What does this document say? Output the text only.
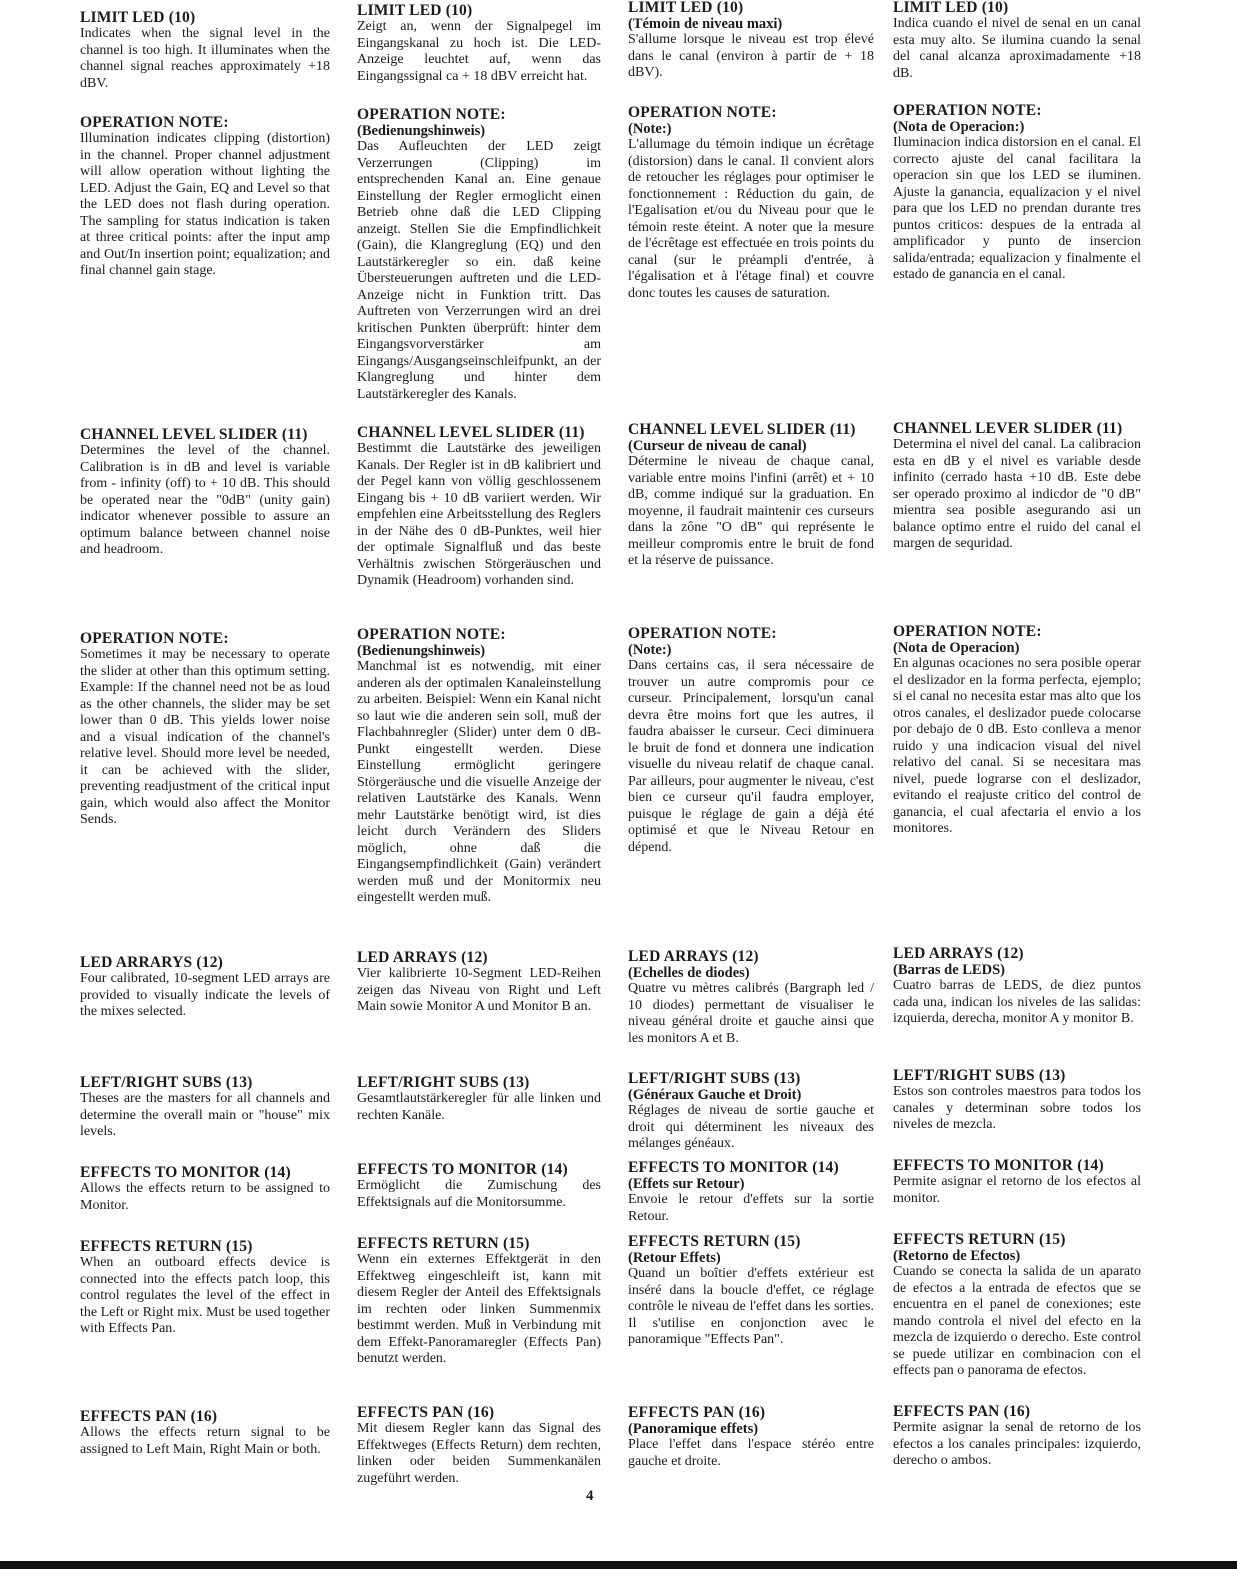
LIMIT LED (10)

Indicates when the signal level in the channel is too high. It illuminates when the channel signal reaches approximately +18 dBV.

LIMIT LED (10)

Zeigt an, wenn der Signalpegel im Eingangskanal zu hoch ist. Die LED-Anzeige leuchtet auf, wenn das Eingangssignal ca + 18 dBV erreicht hat.

LIMIT LED (10)

(Témoin de niveau maxi)

S'allume lorsque le niveau est trop élevé dans le canal (environ à partir de + 18 dBV).

LIMIT LED (10)

Indica cuando el nivel de senal en un canal esta muy alto. Se ilumina cuando la senal del canal alcanza aproximadamente +18 dB.

OPERATION NOTE:

Illumination indicates clipping (distortion) in the channel. Proper channel adjustment will allow operation without lighting the LED. Adjust the Gain, EQ and Level so that the LED does not flash during operation. The sampling for status indication is taken at three critical points: after the input amp and Out/In insertion point; equalization; and final channel gain stage.

OPERATION NOTE:

(Bedienungshinweis)

Das Aufleuchten der LED zeigt Verzerrungen (Clipping) im entsprechenden Kanal an. Eine genaue Einstellung der Regler ermoglicht einen Betrieb ohne daß die LED Clipping anzeigt. Stellen Sie die Empfindlichkeit (Gain), die Klangreglung (EQ) und den Lautstärkeregler so ein. daß keine Übersteuerungen auftreten und die LED-Anzeige nicht in Funktion tritt. Das Auftreten von Verzerrungen wird an drei kritischen Punkten überprüft: hinter dem Eingangsvorverstärker am Eingangs/Ausgangseinschleifpunkt, an der Klangreglung und hinter dem Lautstärkeregler des Kanals.

OPERATION NOTE:

(Note:)

L'allumage du témoin indique un écrêtage (distorsion) dans le canal. Il convient alors de retoucher les réglages pour optimiser le fonctionnement : Réduction du gain, de l'Egalisation et/ou du Niveau pour que le témoin reste éteint. A noter que la mesure de l'écrêtage est effectuée en trois points du canal (sur le préampli d'entrée, à l'égalisation et à l'étage final) et couvre donc toutes les causes de saturation.

OPERATION NOTE:

(Nota de Operacion:)

Iluminacion indica distorsion en el canal. El correcto ajuste del canal facilitara la operacion sin que los LED se iluminen. Ajuste la ganancia, equalizacion y el nivel para que los LED no prendan durante tres puntos criticos: despues de la entrada al amplificador y punto de insercion salida/entrada; equalizacion y finalmente el estado de ganancia en el canal.

CHANNEL LEVEL SLIDER (11)

Determines the level of the channel. Calibration is in dB and level is variable from - infinity (off) to + 10 dB. This should be operated near the "0dB" (unity gain) indicator whenever possible to assure an optimum balance between channel noise and headroom.

CHANNEL LEVEL SLIDER (11)

Bestimmt die Lautstärke des jeweiligen Kanals. Der Regler ist in dB kalibriert und der Pegel kann von völlig geschlossenem Eingang bis + 10 dB variiert werden. Wir empfehlen eine Arbeitsstellung des Reglers in der Nähe des 0 dB-Punktes, weil hier der optimale Signalfluß und das beste Verhältnis zwischen Störgeräuschen und Dynamik (Headroom) vorhanden sind.

CHANNEL LEVEL SLIDER (11)

(Curseur de niveau de canal)

Détermine le niveau de chaque canal, variable entre moins l'infini (arrêt) et + 10 dB, comme indiqué sur la graduation. En moyenne, il faudrait maintenir ces curseurs dans la zône "O dB" qui représente le meilleur compromis entre le bruit de fond et la réserve de puissance.

CHANNEL LEVER SLIDER (11)

Determina el nivel del canal. La calibracion esta en dB y el nivel es variable desde infinito (cerrado hasta +10 dB. Este debe ser operado proximo al indicdor de "0 dB" mientra sea posible asegurando asi un balance optimo entre el ruido del canal el margen de sequridad.

OPERATION NOTE:

Sometimes it may be necessary to operate the slider at other than this optimum setting. Example: If the channel need not be as loud as the other channels, the slider may be set lower than 0 dB. This yields lower noise and a visual indication of the channel's relative level. Should more level be needed, it can be achieved with the slider, preventing readjustment of the critical input gain, which would also affect the Monitor Sends.

OPERATION NOTE:

(Bedienungshinweis)

Manchmal ist es notwendig, mit einer anderen als der optimalen Kanaleinstellung zu arbeiten. Beispiel: Wenn ein Kanal nicht so laut wie die anderen sein soll, muß der Flachbahnregler (Slider) unter dem 0 dB-Punkt eingestellt werden. Diese Einstellung ermöglicht geringere Störgeräusche und die visuelle Anzeige der relativen Lautstärke des Kanals. Wenn mehr Lautstärke benötigt wird, ist dies leicht durch Verändern des Sliders möglich, ohne daß die Eingangsempfindlichkeit (Gain) verändert werden muß und der Monitormix neu eingestellt werden muß.

OPERATION NOTE:

(Note:)

Dans certains cas, il sera nécessaire de trouver un autre compromis pour ce curseur. Principalement, lorsqu'un canal devra être moins fort que les autres, il faudra abaisser le curseur. Ceci diminuera le bruit de fond et donnera une indication visuelle du niveau relatif de chaque canal. Par ailleurs, pour augmenter le niveau, c'est bien ce curseur qu'il faudra employer, puisque le réglage de gain a déjà été optimisé et que le Niveau Retour en dépend.

OPERATION NOTE:

(Nota de Operacion)

En algunas ocaciones no sera posible operar el deslizador en la forma perfecta, ejemplo; si el canal no necesita estar mas alto que los otros canales, el deslizador puede colocarse por debajo de 0 dB. Esto conlleva a menor ruido y una indicacion visual del nivel relativo del canal. Si se necesitara mas nivel, puede lograrse con el deslizador, evitando el reajuste critico del control de ganancia, el cual afectaria el envio a los monitores.

LED ARRARYS (12)

Four calibrated, 10-segment LED arrays are provided to visually indicate the levels of the mixes selected.

LED ARRAYS (12)

Vier kalibrierte 10-Segment LED-Reihen zeigen das Niveau von Right und Left Main sowie Monitor A und Monitor B an.

LED ARRAYS (12)

(Echelles de diodes)

Quatre vu mètres calibrés (Bargraph led / 10 diodes) permettant de visualiser le niveau général droite et gauche ainsi que les monitors A et B.

LED ARRAYS (12)

(Barras de LEDS)

Cuatro barras de LEDS, de diez puntos cada una, indican los niveles de las salidas: izquierda, derecha, monitor A y monitor B.

LEFT/RIGHT SUBS (13)

Theses are the masters for all channels and determine the overall main or "house" mix levels.

LEFT/RIGHT SUBS (13)

Gesamtlautstärkeregler für alle linken und rechten Kanäle.

LEFT/RIGHT SUBS (13)

(Généraux Gauche et Droit)

Réglages de niveau de sortie gauche et droit qui déterminent les niveaux des mélanges généaux.

LEFT/RIGHT SUBS (13)

Estos son controles maestros para todos los canales y determinan sobre todos los niveles de mezcla.

EFFECTS TO MONITOR (14)

Allows the effects return to be assigned to Monitor.

EFFECTS TO MONITOR (14)

Ermöglicht die Zumischung des Effektsignals auf die Monitorsumme.

EFFECTS TO MONITOR (14)

(Effets sur Retour)

Envoie le retour d'effets sur la sortie Retour.

EFFECTS TO MONITOR (14)

Permite asignar el retorno de los efectos al monitor.

EFFECTS RETURN (15)

When an outboard effects device is connected into the effects patch loop, this control regulates the level of the effect in the Left or Right mix. Must be used together with Effects Pan.

EFFECTS RETURN (15)

Wenn ein externes Effektgerät in den Effektweg eingeschleift ist, kann mit diesem Regler der Anteil des Effektsignals im rechten oder linken Summenmix bestimmt werden. Muß in Verbindung mit dem Effekt-Panoramaregler (Effects Pan) benutzt werden.

EFFECTS RETURN (15)

(Retour Effets)

Quand un boîtier d'effets extérieur est inséré dans la boucle d'effet, ce réglage contrôle le niveau de l'effet dans les sorties. Il s'utilise en conjonction avec le panoramique "Effects Pan".

EFFECTS RETURN (15)

(Retorno de Efectos)

Cuando se conecta la salida de un aparato de efectos a la entrada de efectos que se encuentra en el panel de conexiones; este mando controla el nivel del efecto en la mezcla de izquierdo o derecho. Este control se puede utilizar en combinacion con el effects pan o panorama de efectos.

EFFECTS PAN (16)

Allows the effects return signal to be assigned to Left Main, Right Main or both.

EFFECTS PAN (16)

Mit diesem Regler kann das Signal des Effektweges (Effects Return) dem rechten, linken oder beiden Summenkanälen zugeführt werden.

EFFECTS PAN (16)

(Panoramique effets)

Place l'effet dans l'espace stéréo entre gauche et droite.

EFFECTS PAN (16)

Permite asignar la senal de retorno de los efectos a los canales principales: izquierdo, derecho o ambos.

4
